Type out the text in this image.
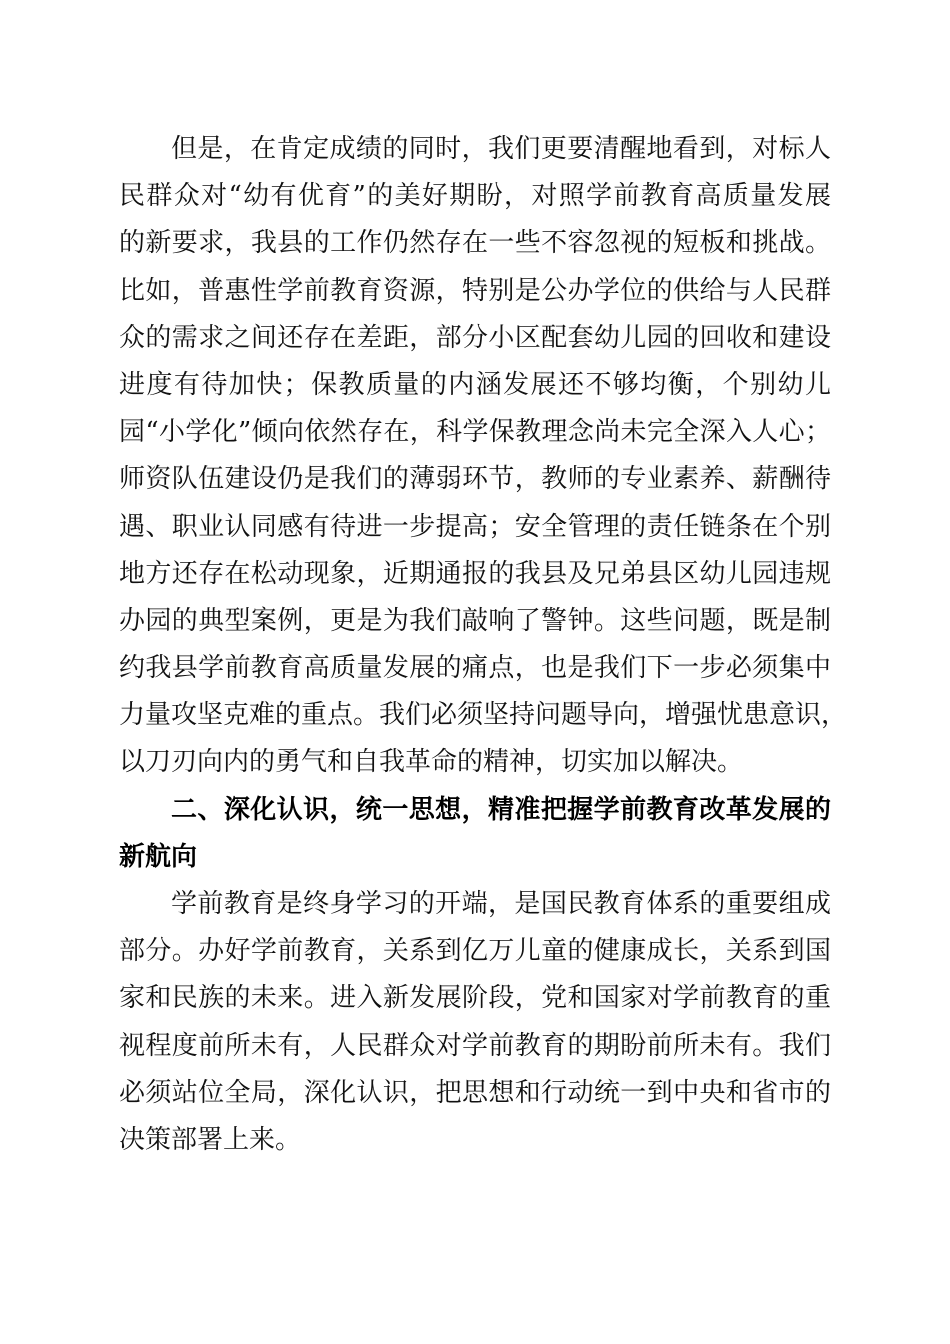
但是，在肯定成绩的同时，我们更要清醒地看到，对标人
民群众对“幼有优育”的美好期盼，对照学前教育高质量发展
的新要求，我县的工作仍然存在一些不容忽视的短板和挑战。
比如，普惠性学前教育资源，特别是公办学位的供给与人民群
众的需求之间还存在差距，部分小区配套幼儿园的回收和建设
进度有待加快；保教质量的内涵发展还不够均衡，个别幼儿
园“小学化”倾向依然存在，科学保教理念尚未完全深入人心；
师资队伍建设仍是我们的薄弱环节，教师的专业素养、薪酬待
遇、职业认同感有待进一步提高；安全管理的责任链条在个别
地方还存在松动现象，近期通报的我县及兄弟县区幼儿园违规
办园的典型案例，更是为我们敲响了警钟。这些问题，既是制
约我县学前教育高质量发展的痛点，也是我们下一步必须集中
力量攻坚克难的重点。我们必须坚持问题导向，增强忧患意识，
以刀刃向内的勇气和自我革命的精神，切实加以解决。
二、深化认识，统一思想，精准把握学前教育改革发展的
新航向
学前教育是终身学习的开端，是国民教育体系的重要组成
部分。办好学前教育，关系到亿万儿童的健康成长，关系到国
家和民族的未来。进入新发展阶段，党和国家对学前教育的重
视程度前所未有，人民群众对学前教育的期盼前所未有。我们
必须站位全局，深化认识，把思想和行动统一到中央和省市的
决策部署上来。
